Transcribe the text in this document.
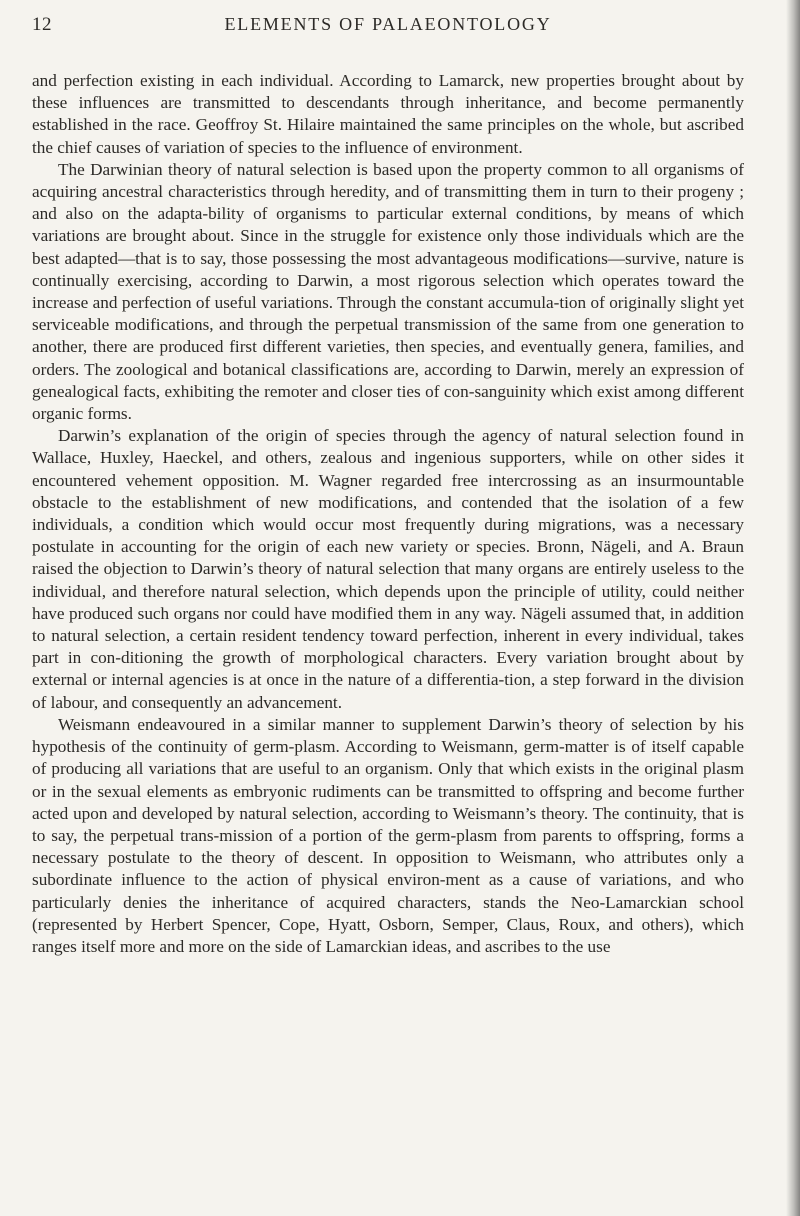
12	ELEMENTS OF PALAEONTOLOGY

and perfection existing in each individual. According to Lamarck, new properties brought about by these influences are transmitted to descendants through inheritance, and become permanently established in the race. Geoffroy St. Hilaire maintained the same principles on the whole, but ascribed the chief causes of variation of species to the influence of environment.

The Darwinian theory of natural selection is based upon the property common to all organisms of acquiring ancestral characteristics through heredity, and of transmitting them in turn to their progeny ; and also on the adapta-bility of organisms to particular external conditions, by means of which variations are brought about. Since in the struggle for existence only those individuals which are the best adapted—that is to say, those possessing the most advantageous modifications—survive, nature is continually exercising, according to Darwin, a most rigorous selection which operates toward the increase and perfection of useful variations. Through the constant accumula-tion of originally slight yet serviceable modifications, and through the perpetual transmission of the same from one generation to another, there are produced first different varieties, then species, and eventually genera, families, and orders. The zoological and botanical classifications are, according to Darwin, merely an expression of genealogical facts, exhibiting the remoter and closer ties of con-sanguinity which exist among different organic forms.

Darwin’s explanation of the origin of species through the agency of natural selection found in Wallace, Huxley, Haeckel, and others, zealous and ingenious supporters, while on other sides it encountered vehement opposition. M. Wagner regarded free intercrossing as an insurmountable obstacle to the establishment of new modifications, and contended that the isolation of a few individuals, a condition which would occur most frequently during migrations, was a necessary postulate in accounting for the origin of each new variety or species. Bronn, Nägeli, and A. Braun raised the objection to Darwin’s theory of natural selection that many organs are entirely useless to the individual, and therefore natural selection, which depends upon the principle of utility, could neither have produced such organs nor could have modified them in any way. Nägeli assumed that, in addition to natural selection, a certain resident tendency toward perfection, inherent in every individual, takes part in con-ditioning the growth of morphological characters. Every variation brought about by external or internal agencies is at once in the nature of a differentia-tion, a step forward in the division of labour, and consequently an advancement.

Weismann endeavoured in a similar manner to supplement Darwin’s theory of selection by his hypothesis of the continuity of germ-plasm. According to Weismann, germ-matter is of itself capable of producing all variations that are useful to an organism. Only that which exists in the original plasm or in the sexual elements as embryonic rudiments can be transmitted to offspring and become further acted upon and developed by natural selection, according to Weismann’s theory. The continuity, that is to say, the perpetual trans-mission of a portion of the germ-plasm from parents to offspring, forms a necessary postulate to the theory of descent. In opposition to Weismann, who attributes only a subordinate influence to the action of physical environ-ment as a cause of variations, and who particularly denies the inheritance of acquired characters, stands the Neo-Lamarckian school (represented by Herbert Spencer, Cope, Hyatt, Osborn, Semper, Claus, Roux, and others), which ranges itself more and more on the side of Lamarckian ideas, and ascribes to the use
